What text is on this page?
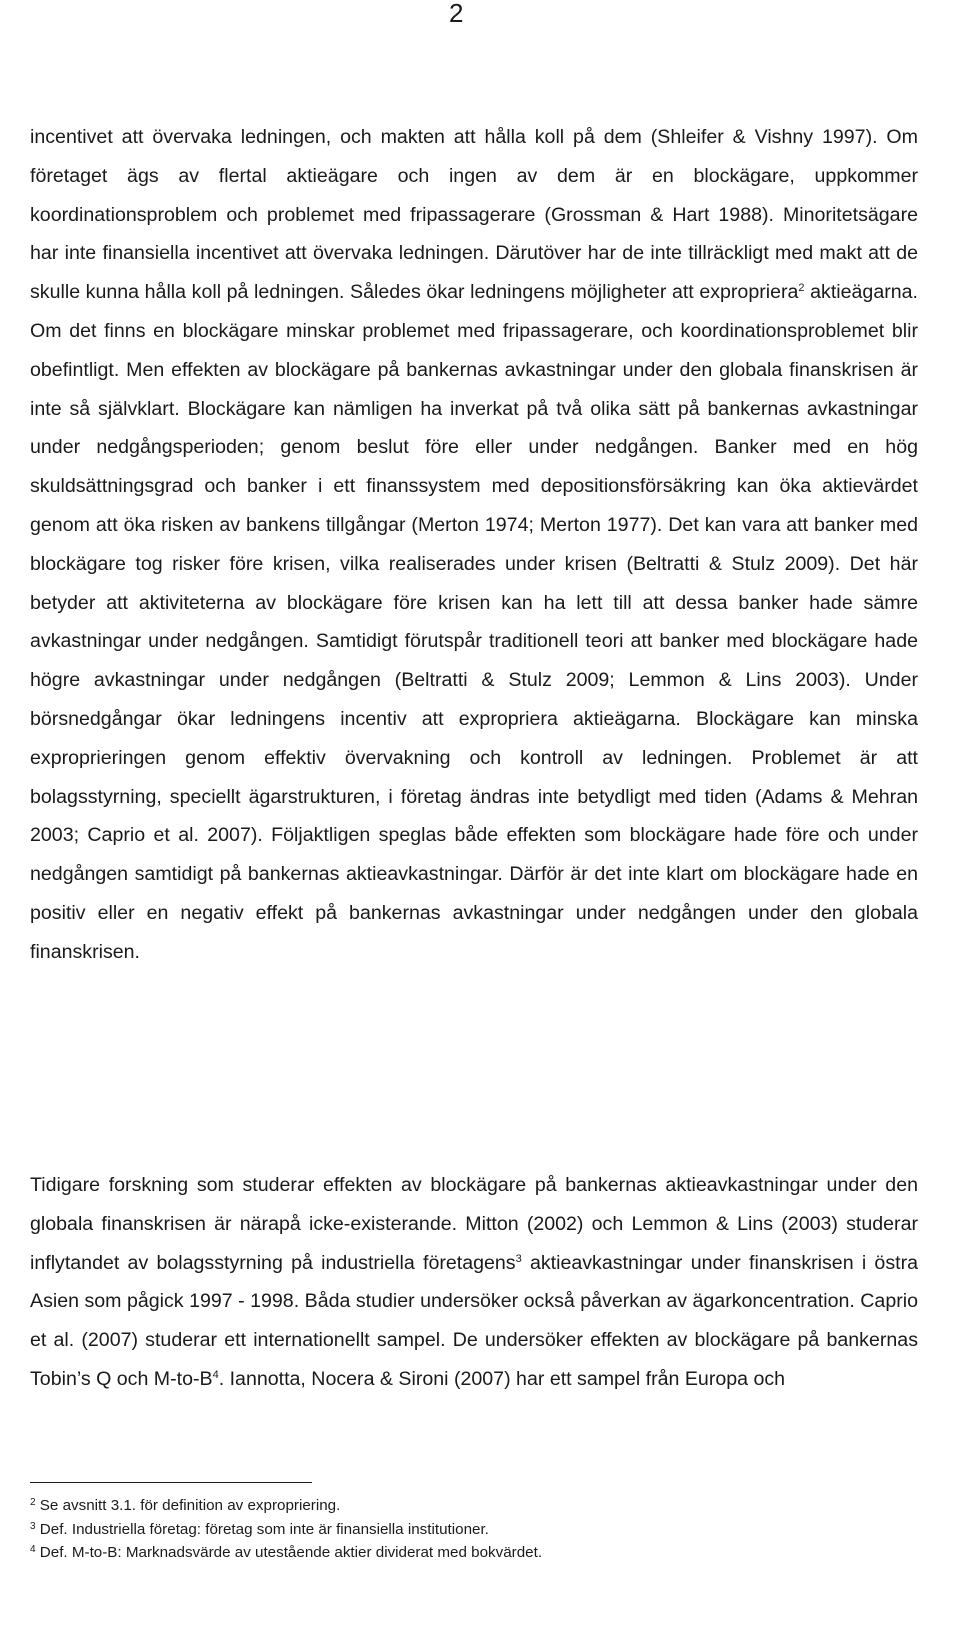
2

incentivet att övervaka ledningen, och makten att hålla koll på dem (Shleifer & Vishny 1997). Om företaget ägs av flertal aktieägare och ingen av dem är en blockägare, uppkommer koordinationsproblem och problemet med fripassagerare (Grossman & Hart 1988). Minoritetsägare har inte finansiella incentivet att övervaka ledningen. Därutöver har de inte tillräckligt med makt att de skulle kunna hålla koll på ledningen. Således ökar ledningens möjligheter att expropriera$^2$ aktieägarna. Om det finns en blockägare minskar problemet med fripassagerare, och koordinationsproblemet blir obefintligt. Men effekten av blockägare på bankernas avkastningar under den globala finanskrisen är inte så självklart. Blockägare kan nämligen ha inverkat på två olika sätt på bankernas avkastningar under nedgångsperioden; genom beslut före eller under nedgången. Banker med en hög skuldsättningsgrad och banker i ett finanssystem med depositionsförsäkring kan öka aktievärdet genom att öka risken av bankens tillgångar (Merton 1974; Merton 1977). Det kan vara att banker med blockägare tog risker före krisen, vilka realiserades under krisen (Beltratti & Stulz 2009). Det här betyder att aktiviteterna av blockägare före krisen kan ha lett till att dessa banker hade sämre avkastningar under nedgången. Samtidigt förutspår traditionell teori att banker med blockägare hade högre avkastningar under nedgången (Beltratti & Stulz 2009; Lemmon & Lins 2003). Under börsnedgångar ökar ledningens incentiv att expropriera aktieägarna. Blockägare kan minska exproprieringen genom effektiv övervakning och kontroll av ledningen. Problemet är att bolagsstyrning, speciellt ägarstrukturen, i företag ändras inte betydligt med tiden (Adams & Mehran 2003; Caprio et al. 2007). Följaktligen speglas både effekten som blockägare hade före och under nedgången samtidigt på bankernas aktieavkastningar. Därför är det inte klart om blockägare hade en positiv eller en negativ effekt på bankernas avkastningar under nedgången under den globala finanskrisen.

Tidigare forskning som studerar effekten av blockägare på bankernas aktieavkastningar under den globala finanskrisen är närapå icke-existerande. Mitton (2002) och Lemmon & Lins (2003) studerar inflytandet av bolagsstyrning på industriella företagens$^3$ aktieavkastningar under finanskrisen i östra Asien som pågick 1997 - 1998. Båda studier undersöker också påverkan av ägarkoncentration. Caprio et al. (2007) studerar ett internationellt sampel. De undersöker effekten av blockägare på bankernas Tobin’s Q och $M-to-B^4$. Iannotta, Nocera & Sironi (2007) har ett sampel från Europa och

$^2$ Se avsnitt 3.1. för definition av expropriering.
$^3$ Def. Industriella företag: företag som inte är finansiella institutioner.
$^4$ Def. M-to-B: Marknadsvärde av utestående aktier dividerat med bokvärdet.
